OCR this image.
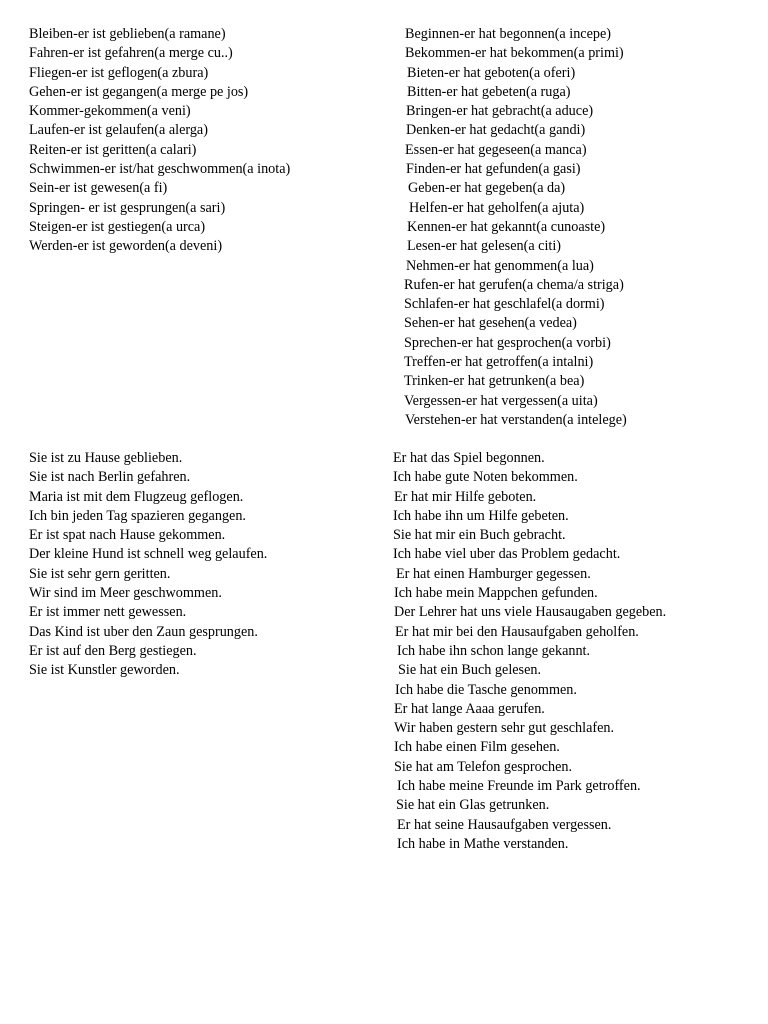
Bleiben-er ist geblieben(a ramane)
Fahren-er ist gefahren(a merge cu..)
Fliegen-er ist geflogen(a zbura)
Gehen-er ist gegangen(a merge pe jos)
Kommer-gekommen(a veni)
Laufen-er ist gelaufen(a alerga)
Reiten-er ist geritten(a calari)
Schwimmen-er ist/hat geschwommen(a inota)
Sein-er ist gewesen(a fi)
Springen- er ist gesprungen(a sari)
Steigen-er ist gestiegen(a urca)
Werden-er ist geworden(a deveni)
Beginnen-er hat begonnen(a incepe)
Bekommen-er hat bekommen(a primi)
Bieten-er hat geboten(a oferi)
Bitten-er hat gebeten(a ruga)
Bringen-er hat gebracht(a aduce)
Denken-er hat gedacht(a gandi)
Essen-er hat gegeseen(a manca)
Finden-er hat gefunden(a gasi)
Geben-er hat gegeben(a da)
Helfen-er hat geholfen(a ajuta)
Kennen-er hat gekannt(a cunoaste)
Lesen-er hat gelesen(a citi)
Nehmen-er hat genommen(a lua)
Rufen-er hat gerufen(a chema/a striga)
Schlafen-er hat geschlafel(a dormi)
Sehen-er hat gesehen(a vedea)
Sprechen-er hat gesprochen(a vorbi)
Treffen-er hat getroffen(a intalni)
Trinken-er hat getrunken(a bea)
Vergessen-er hat vergessen(a uita)
Verstehen-er hat verstanden(a intelege)
Sie ist zu Hause geblieben.
Sie ist nach Berlin gefahren.
Maria ist mit dem Flugzeug geflogen.
Ich bin jeden Tag spazieren gegangen.
Er ist spat nach Hause gekommen.
Der kleine Hund ist schnell weg gelaufen.
Sie ist sehr gern geritten.
Wir sind im Meer geschwommen.
Er ist immer nett gewessen.
Das Kind ist uber den Zaun gesprungen.
Er ist auf den Berg gestiegen.
Sie ist Kunstler geworden.
Er hat das Spiel begonnen.
Ich habe gute Noten bekommen.
Er hat mir Hilfe geboten.
Ich habe ihn um Hilfe gebeten.
Sie hat mir ein Buch gebracht.
Ich habe viel uber das Problem gedacht.
Er hat einen Hamburger gegessen.
Ich habe mein Mappchen gefunden.
Der Lehrer hat uns viele Hausaugaben gegeben.
Er hat mir bei den Hausaufgaben geholfen.
Ich habe ihn schon lange gekannt.
Sie hat ein Buch gelesen.
Ich habe die Tasche genommen.
Er hat lange Aaaa gerufen.
Wir haben gestern sehr gut geschlafen.
Ich habe einen Film gesehen.
Sie hat am Telefon gesprochen.
Ich habe meine Freunde im Park getroffen.
Sie hat ein Glas getrunken.
Er hat seine Hausaufgaben vergessen.
Ich habe in Mathe verstanden.
